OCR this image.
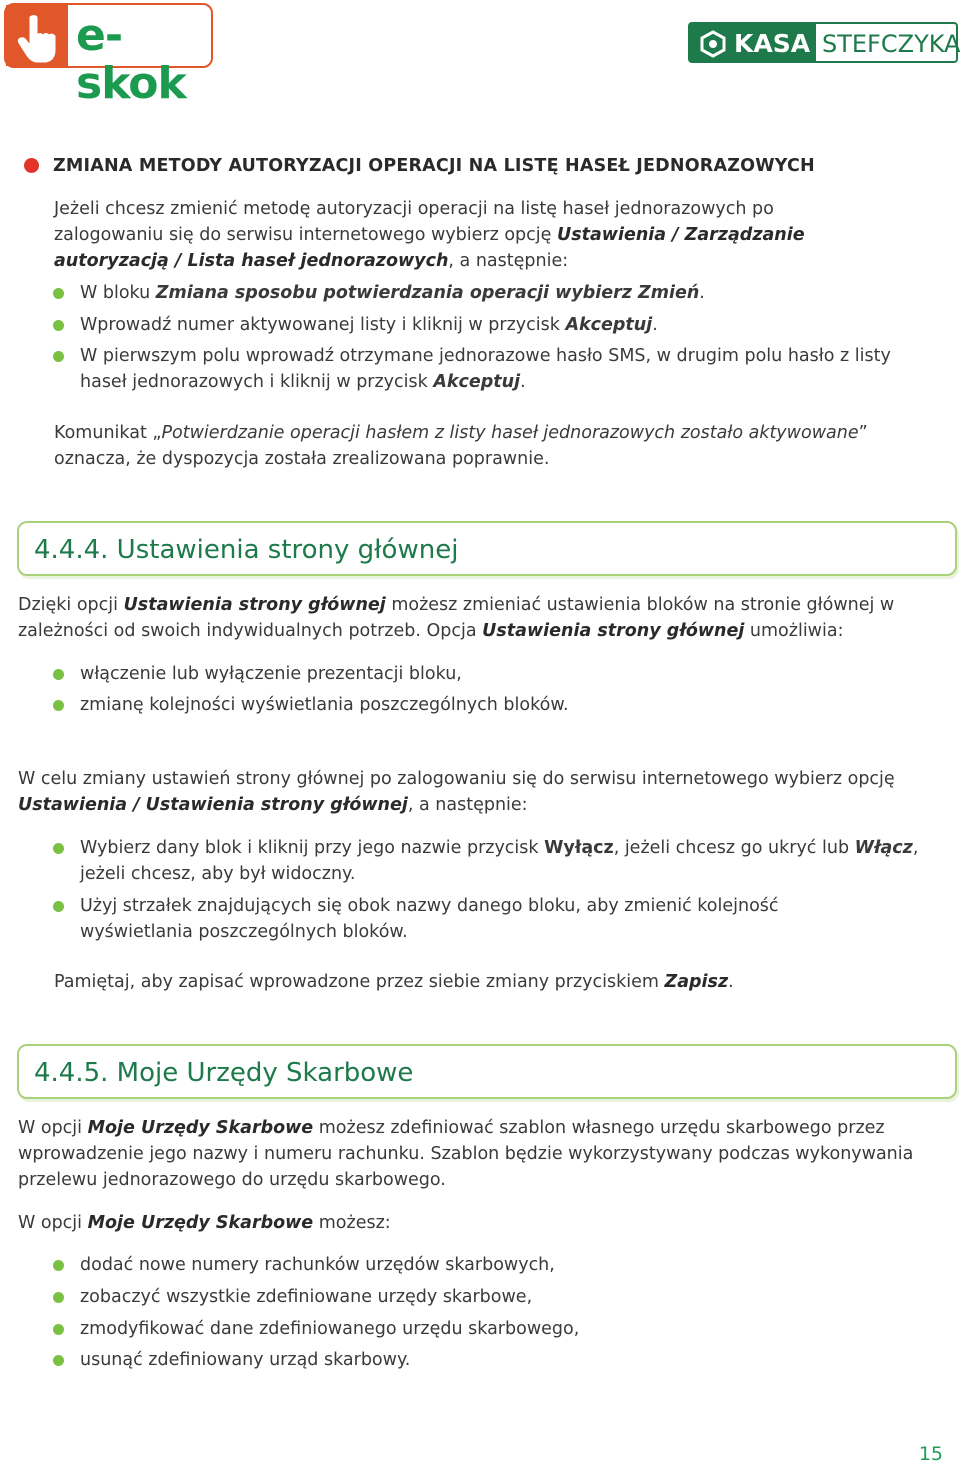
e-skok
KASA STEFCZYKA
ZMIANA METODY AUTORYZACJI OPERACJI NA LISTĘ HASEŁ JEDNORAZOWYCH
Jeżeli chcesz zmienić metodę autoryzacji operacji na listę haseł jednorazowych po zalogowaniu się do serwisu internetowego wybierz opcję Ustawienia / Zarządzanie autoryzacją / Lista haseł jednorazowych, a następnie:
W bloku Zmiana sposobu potwierdzania operacji wybierz Zmień.
Wprowadź numer aktywowanej listy i kliknij w przycisk Akceptuj.
W pierwszym polu wprowadź otrzymane jednorazowe hasło SMS, w drugim polu hasło z listy haseł jednorazowych i kliknij w przycisk Akceptuj.
Komunikat „Potwierdzanie operacji hasłem z listy haseł jednorazowych zostało aktywowane” oznacza, że dyspozycja została zrealizowana poprawnie.
4.4.4. Ustawienia strony głównej
Dzięki opcji Ustawienia strony głównej możesz zmieniać ustawienia bloków na stronie głównej w zależności od swoich indywidualnych potrzeb. Opcja Ustawienia strony głównej umożliwia:
włączenie lub wyłączenie prezentacji bloku,
zmianę kolejności wyświetlania poszczególnych bloków.
W celu zmiany ustawień strony głównej po zalogowaniu się do serwisu internetowego wybierz opcję Ustawienia / Ustawienia strony głównej, a następnie:
Wybierz dany blok i kliknij przy jego nazwie przycisk Wyłącz, jeżeli chcesz go ukryć lub Włącz, jeżeli chcesz, aby był widoczny.
Użyj strzałek znajdujących się obok nazwy danego bloku, aby zmienić kolejność wyświetlania poszczególnych bloków.
Pamiętaj, aby zapisać wprowadzone przez siebie zmiany przyciskiem Zapisz.
4.4.5. Moje Urzędy Skarbowe
W opcji Moje Urzędy Skarbowe możesz zdefiniować szablon własnego urzędu skarbowego przez wprowadzenie jego nazwy i numeru rachunku. Szablon będzie wykorzystywany podczas wykonywania przelewu jednorazowego do urzędu skarbowego.
W opcji Moje Urzędy Skarbowe możesz:
dodać nowe numery rachunków urzędów skarbowych,
zobaczyć wszystkie zdefiniowane urzędy skarbowe,
zmodyfikować dane zdefiniowanego urzędu skarbowego,
usunąć zdefiniowany urząd skarbowy.
15
